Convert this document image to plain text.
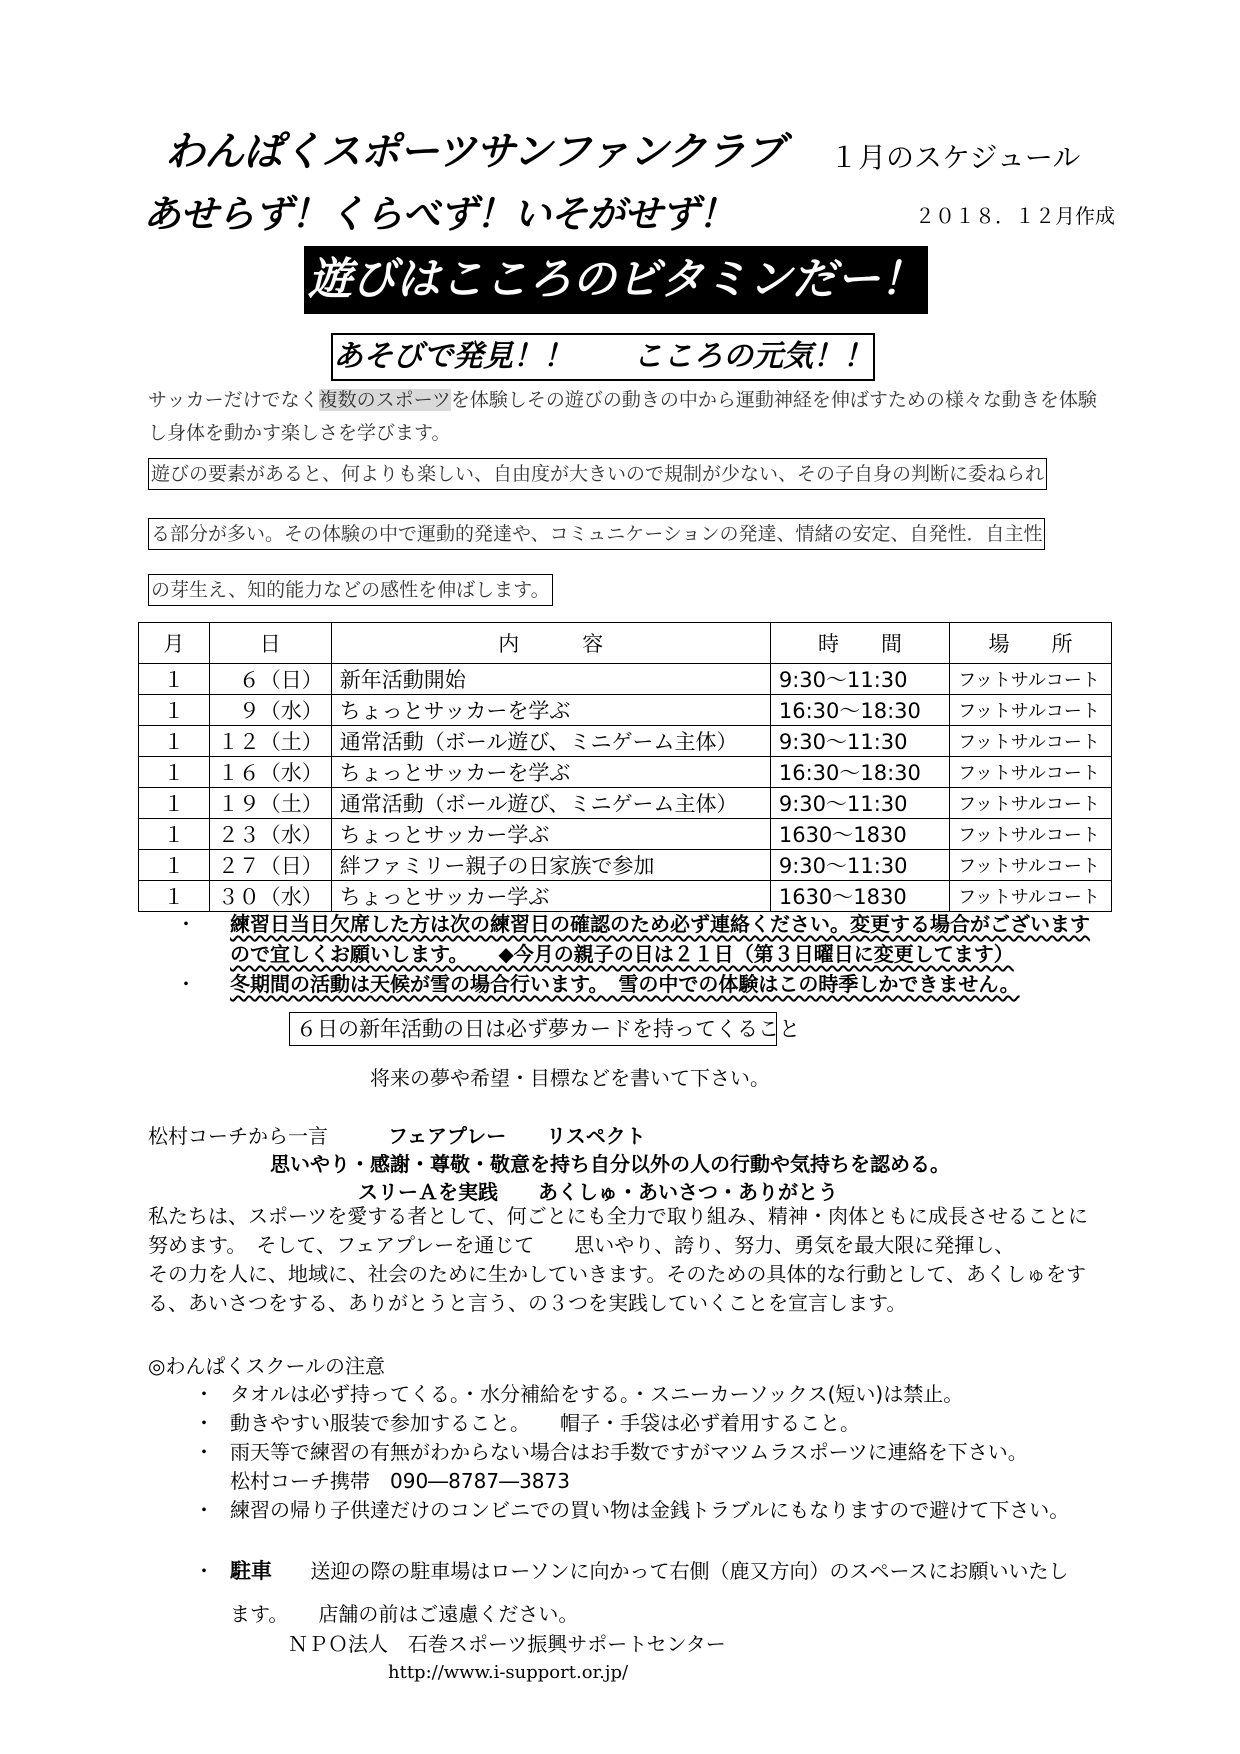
わんぱくスポーツサンファンクラブ １月のスケジュール
あせらず！くらべず！いそがせず！	２０１８．１２月作成
遊びはこころのビタミンだー！
あそびで発見！！　　こころの元気！！
サッカーだけでなく複数のスポーツを体験しその遊びの動きの中から運動神経を伸ばすための様々な動きを体験し身体を動かす楽しさを学びます。
遊びの要素があると、何よりも楽しい、自由度が大きいので規制が少ない、その子自身の判断に委ねられ
る部分が多い。その体験の中で運動的発達や、コミュニケーションの発達、情緒の安定、自発性．自主性
の芽生え、知的能力などの感性を伸ばします。
月	日	内　　　容	時　　間	場　　所
１	　６（日）	新年活動開始	9:30～11:30	フットサルコート
１	　９（水）	ちょっとサッカーを学ぶ	16:30～18:30	フットサルコート
１	１２（土）	通常活動（ボール遊び、ミニゲーム主体）	9:30～11:30	フットサルコート
１	１６（水）	ちょっとサッカーを学ぶ	16:30～18:30	フットサルコート
１	１９（土）	通常活動（ボール遊び、ミニゲーム主体）	9:30～11:30	フットサルコート
１	２３（水）	ちょっとサッカー学ぶ	1630～1830	フットサルコート
１	２７（日）	絆ファミリー親子の日家族で参加	9:30～11:30	フットサルコート
１	３０（水）	ちょっとサッカー学ぶ	1630～1830	フットサルコート
・ 練習日当日欠席した方は次の練習日の確認のため必ず連絡ください。変更する場合がございます
ので宜しくお願いします。　　◆今月の親子の日は２１日（第３日曜日に変更してます）
・ 冬期間の活動は天候が雪の場合行います。　雪の中での体験はこの時季しかできません。
６日の新年活動の日は必ず夢カードを持ってくること
将来の夢や希望・目標などを書いて下さい。
松村コーチから一言	フェアプレー　　リスペクト
思いやり・感謝・尊敬・敬意を持ち自分以外の人の行動や気持ちを認める。
スリーＡを実践　　あくしゅ・あいさつ・ありがとう
私たちは、スポーツを愛する者として、何ごとにも全力で取り組み、精神・肉体ともに成長させることに
努めます。　そして、フェアプレーを通じて　　思いやり、誇り、努力、勇気を最大限に発揮し、
その力を人に、地域に、社会のために生かしていきます。そのための具体的な行動として、あくしゅをす
る、あいさつをする、ありがとうと言う、の３つを実践していくことを宣言します。
◎わんぱくスクールの注意
・ タオルは必ず持ってくる。・水分補給をする。・スニーカーソックス(短い)は禁止。
・ 動きやすい服装で参加すること。　　帽子・手袋は必ず着用すること。
・ 雨天等で練習の有無がわからない場合はお手数ですがマツムラスポーツに連絡を下さい。
松村コーチ携帯　090―8787―3873
・ 練習の帰り子供達だけのコンビニでの買い物は金銭トラブルにもなりますので避けて下さい。
・ 駐車 送迎の際の駐車場はローソンに向かって右側（鹿又方向）のスペースにお願いいたし
ます。　　店舗の前はご遠慮ください。
ＮＰＯ法人　石巻スポーツ振興サポートセンター
http://www.i-support.or.jp/
